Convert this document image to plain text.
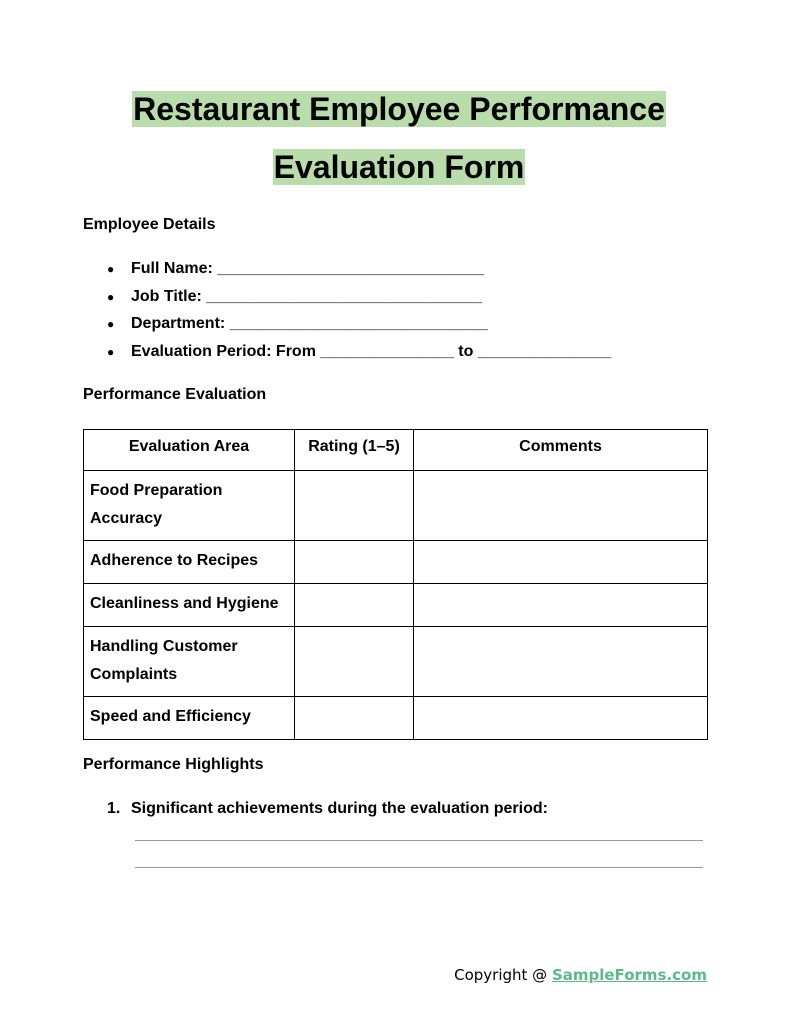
Restaurant Employee Performance
Evaluation Form
Employee Details
● Full Name: ______________________________
● Job Title: _______________________________
● Department: _____________________________
● Evaluation Period: From _______________ to _______________
Performance Evaluation
Evaluation Area	Rating (1–5)	Comments
Food Preparation Accuracy		
Adherence to Recipes		
Cleanliness and Hygiene		
Handling Customer Complaints		
Speed and Efficiency		
Performance Highlights
1. Significant achievements during the evaluation period:
Copyright @ SampleForms.com
